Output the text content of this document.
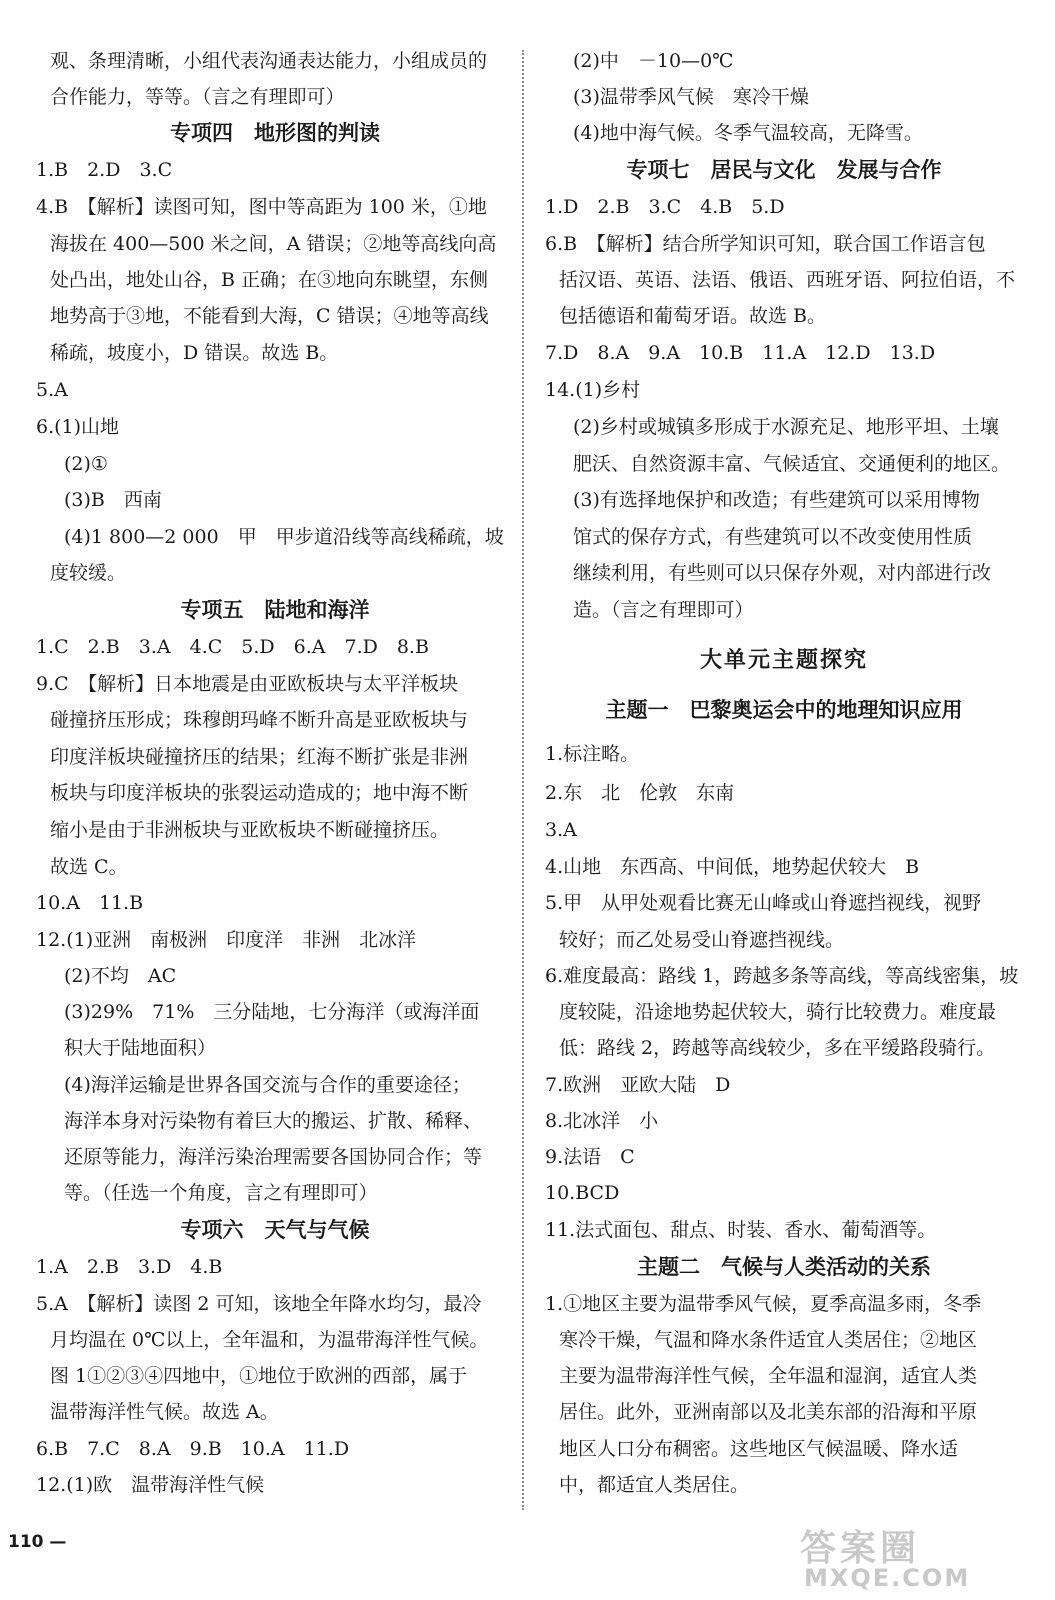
观、条理清晰，小组代表沟通表达能力，小组成员的
合作能力，等等。（言之有理即可）
专项四　地形图的判读
1.B　2.D　3.C
4.B　【解析】读图可知，图中等高距为 100 米，①地
海拔在 400—500 米之间，A 错误；②地等高线向高
处凸出，地处山谷，B 正确；在③地向东眺望，东侧
地势高于③地，不能看到大海，C 错误；④地等高线
稀疏，坡度小，D 错误。故选 B。
5.A
6.(1)山地
(2)①
(3)B　西南
(4)1 800—2 000　甲　甲步道沿线等高线稀疏，坡
度较缓。
专项五　陆地和海洋
1.C　2.B　3.A　4.C　5.D　6.A　7.D　8.B
9.C　【解析】日本地震是由亚欧板块与太平洋板块
碰撞挤压形成；珠穆朗玛峰不断升高是亚欧板块与
印度洋板块碰撞挤压的结果；红海不断扩张是非洲
板块与印度洋板块的张裂运动造成的；地中海不断
缩小是由于非洲板块与亚欧板块不断碰撞挤压。
故选 C。
10.A　11.B
12.(1)亚洲　南极洲　印度洋　非洲　北冰洋
(2)不均　AC
(3)29%　71%　三分陆地，七分海洋（或海洋面
积大于陆地面积）
(4)海洋运输是世界各国交流与合作的重要途径；
海洋本身对污染物有着巨大的搬运、扩散、稀释、
还原等能力，海洋污染治理需要各国协同合作；等
等。（任选一个角度，言之有理即可）
专项六　天气与气候
1.A　2.B　3.D　4.B
5.A　【解析】读图 2 可知，该地全年降水均匀，最冷
月均温在 0℃以上，全年温和，为温带海洋性气候。
图 1①②③④四地中，①地位于欧洲的西部，属于
温带海洋性气候。故选 A。
6.B　7.C　8.A　9.B　10.A　11.D
12.(1)欧　温带海洋性气候
(2)中　－10—0℃
(3)温带季风气候　寒冷干燥
(4)地中海气候。冬季气温较高，无降雪。
专项七　居民与文化　发展与合作
1.D　2.B　3.C　4.B　5.D
6.B　【解析】结合所学知识可知，联合国工作语言包
括汉语、英语、法语、俄语、西班牙语、阿拉伯语，不
包括德语和葡萄牙语。故选 B。
7.D　8.A　9.A　10.B　11.A　12.D　13.D
14.(1)乡村
(2)乡村或城镇多形成于水源充足、地形平坦、土壤
肥沃、自然资源丰富、气候适宜、交通便利的地区。
(3)有选择地保护和改造；有些建筑可以采用博物
馆式的保存方式，有些建筑可以不改变使用性质
继续利用，有些则可以只保存外观，对内部进行改
造。（言之有理即可）
大单元主题探究
主题一　巴黎奥运会中的地理知识应用
1.标注略。
2.东　北　伦敦　东南
3.A
4.山地　东西高、中间低，地势起伏较大　B
5.甲　从甲处观看比赛无山峰或山脊遮挡视线，视野
较好；而乙处易受山脊遮挡视线。
6.难度最高：路线 1，跨越多条等高线，等高线密集，坡
度较陡，沿途地势起伏较大，骑行比较费力。难度最
低：路线 2，跨越等高线较少，多在平缓路段骑行。
7.欧洲　亚欧大陆　D
8.北冰洋　小
9.法语　C
10.BCD
11.法式面包、甜点、时装、香水、葡萄酒等。
主题二　气候与人类活动的关系
1.①地区主要为温带季风气候，夏季高温多雨，冬季
寒冷干燥，气温和降水条件适宜人类居住；②地区
主要为温带海洋性气候，全年温和湿润，适宜人类
居住。此外，亚洲南部以及北美东部的沿海和平原
地区人口分布稠密。这些地区气候温暖、降水适
中，都适宜人类居住。
110 —	答案圈
MXQE.COM
